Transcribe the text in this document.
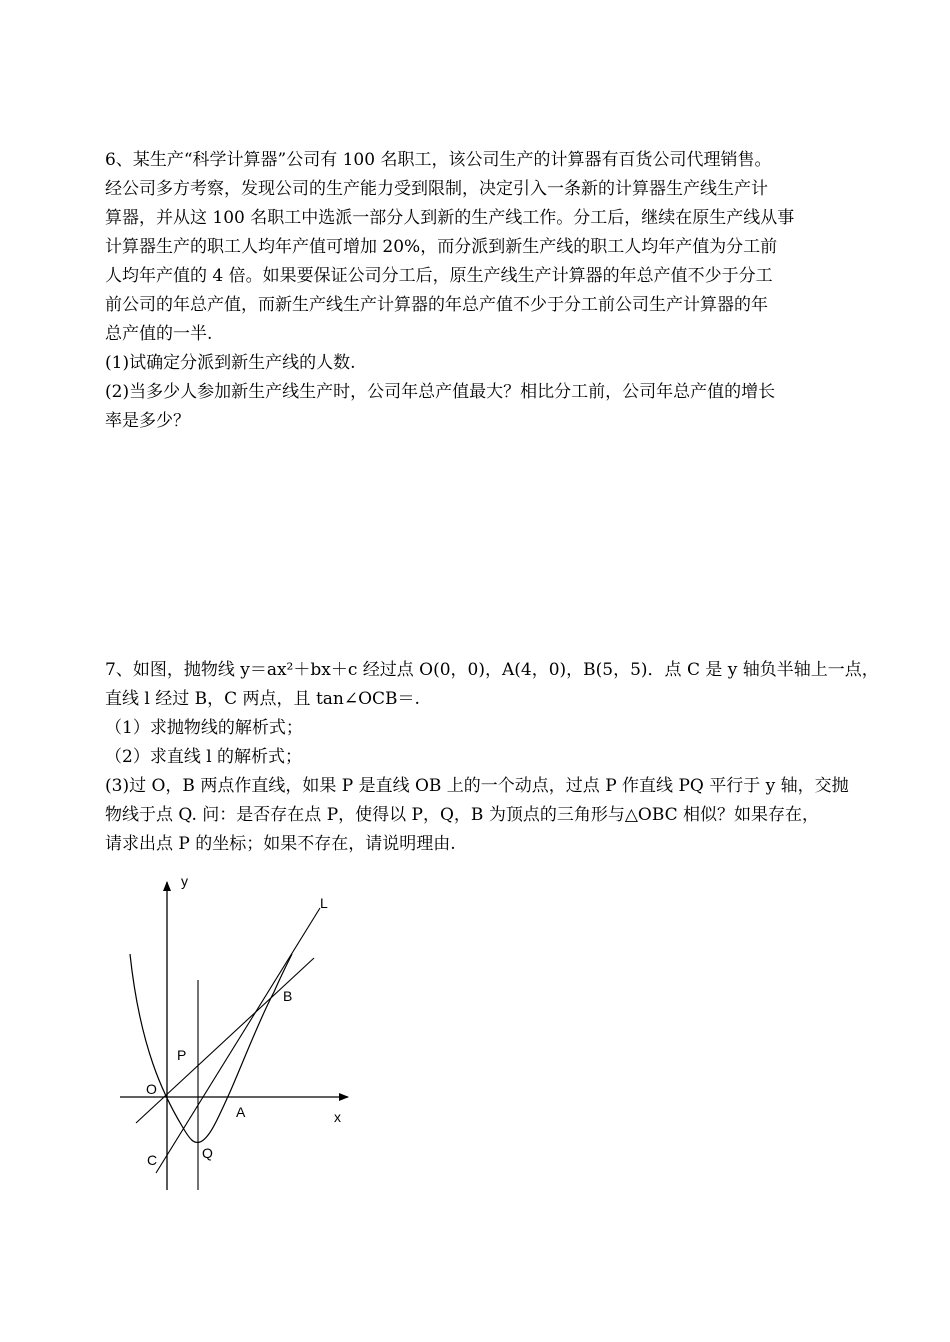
6、某生产“科学计算器”公司有 100 名职工，该公司生产的计算器有百货公司代理销售。
经公司多方考察，发现公司的生产能力受到限制，决定引入一条新的计算器生产线生产计
算器，并从这 100 名职工中选派一部分人到新的生产线工作。分工后，继续在原生产线从事
计算器生产的职工人均年产值可增加 20%，而分派到新生产线的职工人均年产值为分工前
人均年产值的 4 倍。如果要保证公司分工后，原生产线生产计算器的年总产值不少于分工
前公司的年总产值，而新生产线生产计算器的年总产值不少于分工前公司生产计算器的年
总产值的一半.
(1)试确定分派到新生产线的人数.
(2)当多少人参加新生产线生产时，公司年总产值最大？相比分工前，公司年总产值的增长
率是多少？
7、如图，抛物线 y＝ax²＋bx＋c 经过点 O(0，0)，A(4，0)，B(5，5)．点 C 是 y 轴负半轴上一点，
直线 l 经过 B，C 两点，且 tan∠OCB＝.
（1）求抛物线的解析式；
（2）求直线 l 的解析式；
(3)过 O，B 两点作直线，如果 P 是直线 OB 上的一个动点，过点 P 作直线 PQ 平行于 y 轴，交抛
物线于点 Q. 问：是否存在点 P，使得以 P，Q，B 为顶点的三角形与△OBC 相似？如果存在，
请求出点 P 的坐标；如果不存在，请说明理由.
y
L
B
P
O
A	x
Q
C
